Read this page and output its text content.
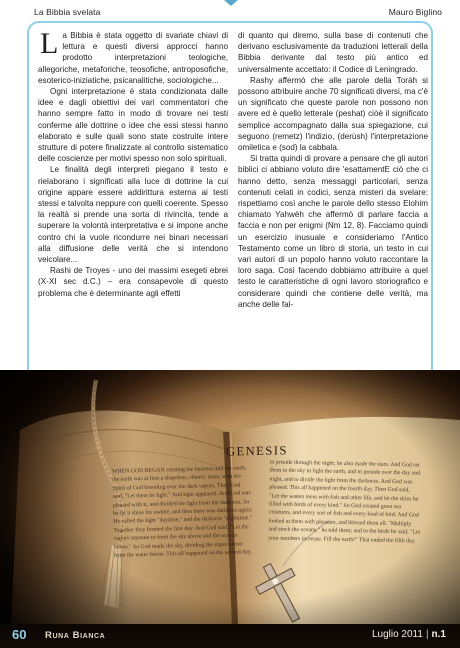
La Bibbia svelata	Mauro Biglino

La Bibbia è stata oggetto di svariate chiavi di lettura e questi diversi approcci hanno prodotto interpretazioni teologiche, allegoriche, metaforiche, teosofiche, antroposofiche, esoterico-iniziatiche, psicanalitiche, sociologiche...

Ogni interpretazione è stata condizionata dalle idee e dagli obiettivi dei vari commentatori che hanno sempre fatto in modo di trovare nei testi conferme alle dottrine o idee che essi stessi hanno elaborato e sulle quali sono state costruite intere strutture di potere finalizzate al controllo sistematico delle coscienze per motivi spesso non solo spirituali.

Le finalità degli interpreti piegano il testo e rielaborano i significati alla luce di dottrine la cui origine appare essere addirittura esterna ai testi stessi e talvolta neppure con quelli coerente. Spesso la realtà si prende una sorta di rivincita, tende a superare la volontà interpretativa e si impone anche contro chi la vuole ricondurre nei binari necessari alla diffusione delle verità che si intendono veicolare...

Rashi de Troyes - uno dei massimi esegeti ebrei (X-XI sec d.C.) – era consapevole di questo problema che è determinante agli effetti

di quanto qui diremo, sulla base di contenuti che derivano esclusivamente da traduzioni letterali della Bibbia derivante dal testo più antico ed universalmente accettato: il Codice di Leningrado.

Rashy affermò che alle parole della Toràh si possono attribuire anche 70 significati diversi, ma c'è un significato che queste parole non possono non avere ed è quello letterale (peshat) ciòè il significato semplice accompagnato dalla sua spiegazione, cui seguono (remetz) l'indizio, (derùsh) l'interpretazione omiletica e (sod) la cabbala.

Si tratta quindi di provare a pensare che gli autori biblici ci abbiano voluto dire 'esattamentE ciò che ci hanno detto, senza messaggi particolari, senza contenuti celati in codici, senza misteri da svelare: rispettiamo così anche le parole dello stesso Elohim chiamato Yahwèh che affermò di parlare faccia a faccia e non per enigmi (Nm 12, 8). Facciamo quindi un esercizio inusuale e consideriamo l'Antico Testamento come un libro di storia, un testo in cui vari autori di un popolo hanno voluto raccontare la loro saga. Così facendo dobbiamo attribuire a quel testo le caratteristiche di ogni lavoro storiografico e considerare quindi che contiene delle verità, ma anche delle fal-

GENESIS
WHEN GOD BEGAN creating the heavens and the earth, the earth was at first a shapeless, chaotic mass, with the Spirit of God brooding over the dark vapors. Then God said, "Let there be light." And light appeared. And God was pleased with it, and divided the light from the darkness. So he let it shine for awhile, and then there was darkness again. He called the light "daytime," and the darkness "nighttime." Together they formed the first day. And God said, "Let the vapors separate to form the sky above and the oceans below." So God made the sky, dividing the vapor above from the water below. This all happened on the second day.
to preside through the night; he also made the stars. And God set them in the sky to light the earth, and to preside over the day and night, and to divide the light from the darkness. And God was pleased. This all happened on the fourth day. Then God said, "Let the waters teem with fish and other life, and let the skies be filled with birds of every kind." So God created great sea creatures, and every sort of fish and every kind of bird. And God looked at them with pleasure, and blessed them all. "Multiply and stock the oceans," he told them; and to the birds he said, "Let your numbers increase. Fill the earth!" That ended the fifth day.
60 Runa Bianca	Luglio 2011 | n.1
